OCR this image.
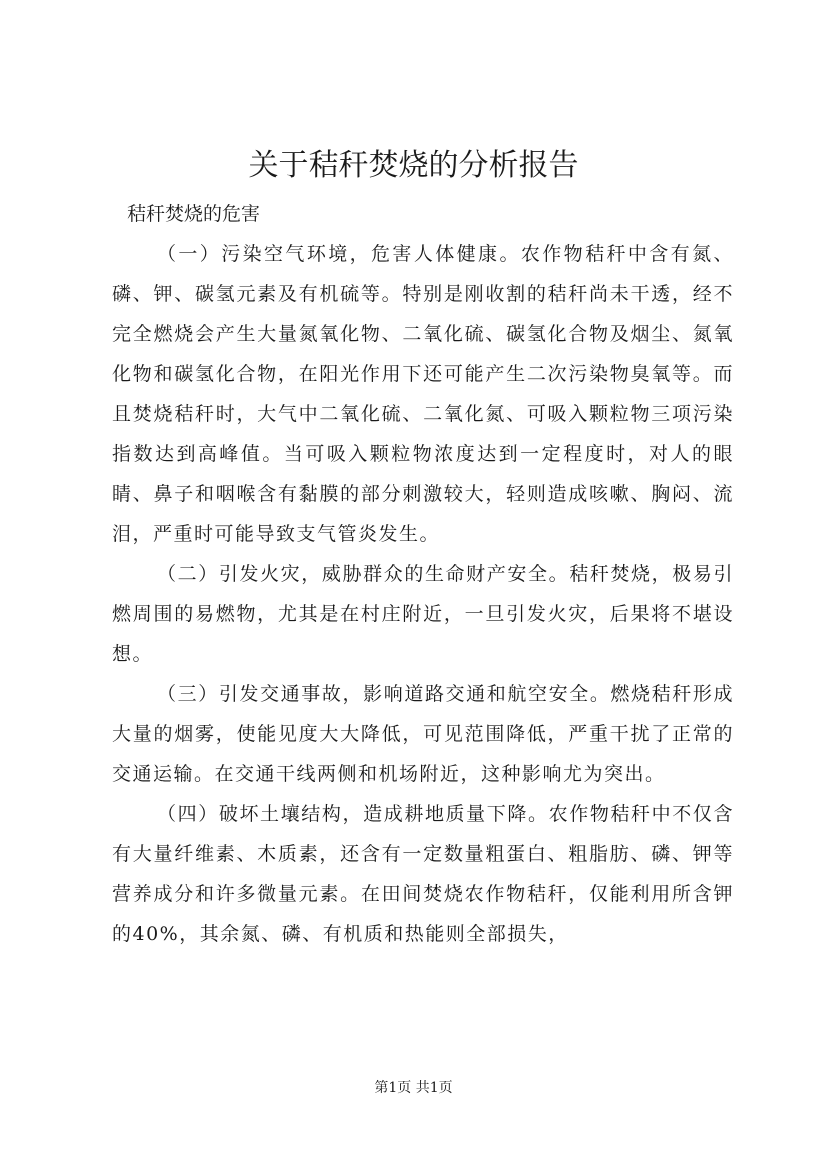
关于秸秆焚烧的分析报告

秸秆焚烧的危害

（一）污染空气环境，危害人体健康。农作物秸秆中含有氮、磷、钾、碳氢元素及有机硫等。特别是刚收割的秸秆尚未干透，经不完全燃烧会产生大量氮氧化物、二氧化硫、碳氢化合物及烟尘、氮氧化物和碳氢化合物，在阳光作用下还可能产生二次污染物臭氧等。而且焚烧秸秆时，大气中二氧化硫、二氧化氮、可吸入颗粒物三项污染指数达到高峰值。当可吸入颗粒物浓度达到一定程度时，对人的眼睛、鼻子和咽喉含有黏膜的部分刺激较大，轻则造成咳嗽、胸闷、流泪，严重时可能导致支气管炎发生。

（二）引发火灾，威胁群众的生命财产安全。秸秆焚烧，极易引燃周围的易燃物，尤其是在村庄附近，一旦引发火灾，后果将不堪设想。

（三）引发交通事故，影响道路交通和航空安全。燃烧秸秆形成大量的烟雾，使能见度大大降低，可见范围降低，严重干扰了正常的交通运输。在交通干线两侧和机场附近，这种影响尤为突出。

（四）破坏土壤结构，造成耕地质量下降。农作物秸秆中不仅含有大量纤维素、木质素，还含有一定数量粗蛋白、粗脂肪、磷、钾等营养成分和许多微量元素。在田间焚烧农作物秸秆，仅能利用所含钾的40%，其余氮、磷、有机质和热能则全部损失，

第1页 共1页
